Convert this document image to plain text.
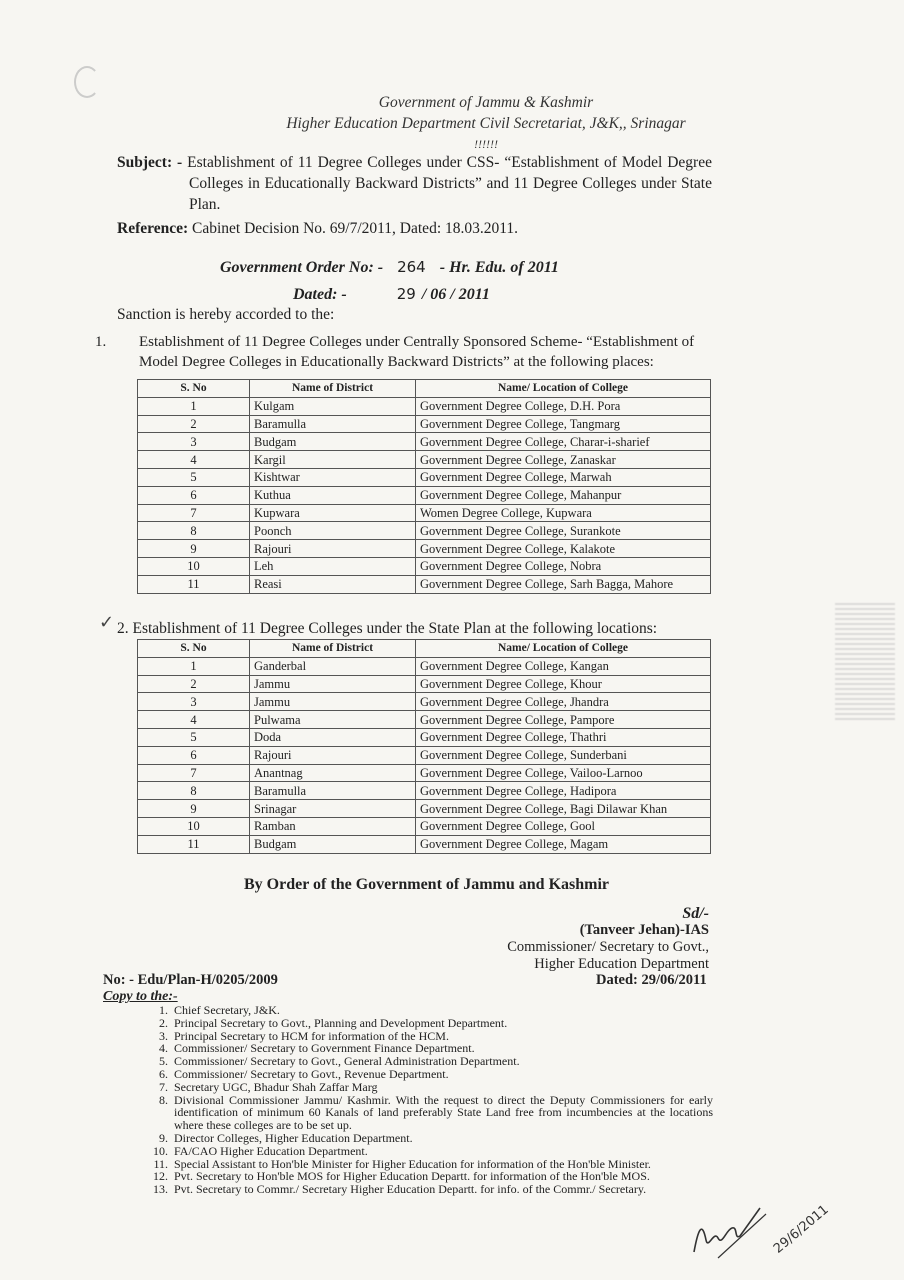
Government of Jammu & Kashmir
Higher Education Department Civil Secretariat, J&K,, Srinagar
!!!!!!
Subject: - Establishment of 11 Degree Colleges under CSS- “Establishment of Model Degree Colleges in Educationally Backward Districts” and 11 Degree Colleges under State Plan.
Reference: Cabinet Decision No. 69/7/2011, Dated: 18.03.2011.
Government Order No: - 264 - Hr. Edu. of 2011
Dated: -	29 / 06 / 2011
Sanction is hereby accorded to the:
1. Establishment of 11 Degree Colleges under Centrally Sponsored Scheme- “Establishment of Model Degree Colleges in Educationally Backward Districts” at the following places:
S. No	Name of District	Name/ Location of College
1	Kulgam	Government Degree College, D.H. Pora
2	Baramulla	Government Degree College, Tangmarg
3	Budgam	Government Degree College, Charar-i-sharief
4	Kargil	Government Degree College, Zanaskar
5	Kishtwar	Government Degree College, Marwah
6	Kuthua	Government Degree College, Mahanpur
7	Kupwara	Women Degree College, Kupwara
8	Poonch	Government Degree College, Surankote
9	Rajouri	Government Degree College, Kalakote
10	Leh	Government Degree College, Nobra
11	Reasi	Government Degree College, Sarh Bagga, Mahore
✓ 2. Establishment of 11 Degree Colleges under the State Plan at the following locations:
S. No	Name of District	Name/ Location of College
1	Ganderbal	Government Degree College, Kangan
2	Jammu	Government Degree College, Khour
3	Jammu	Government Degree College, Jhandra
4	Pulwama	Government Degree College, Pampore
5	Doda	Government Degree College, Thathri
6	Rajouri	Government Degree College, Sunderbani
7	Anantnag	Government Degree College, Vailoo-Larnoo
8	Baramulla	Government Degree College, Hadipora
9	Srinagar	Government Degree College, Bagi Dilawar Khan
10	Ramban	Government Degree College, Gool
11	Budgam	Government Degree College, Magam
By Order of the Government of Jammu and Kashmir
Sd/-
(Tanveer Jehan)-IAS
Commissioner/ Secretary to Govt.,
Higher Education Department
No: - Edu/Plan-H/0205/2009	Dated: 29/06/2011
Copy to the:-
1. Chief Secretary, J&K.
2. Principal Secretary to Govt., Planning and Development Department.
3. Principal Secretary to HCM for information of the HCM.
4. Commissioner/ Secretary to Government Finance Department.
5. Commissioner/ Secretary to Govt., General Administration Department.
6. Commissioner/ Secretary to Govt., Revenue Department.
7. Secretary UGC, Bhadur Shah Zaffar Marg
8. Divisional Commissioner Jammu/ Kashmir. With the request to direct the Deputy Commissioners for early identification of minimum 60 Kanals of land preferably State Land free from incumbencies at the locations where these colleges are to be set up.
9. Director Colleges, Higher Education Department.
10. FA/CAO Higher Education Department.
11. Special Assistant to Hon'ble Minister for Higher Education for information of the Hon'ble Minister.
12. Pvt. Secretary to Hon'ble MOS for Higher Education Departt. for information of the Hon'ble MOS.
13. Pvt. Secretary to Commr./ Secretary Higher Education Departt. for info. of the Commr./ Secretary.
29/6/2011
